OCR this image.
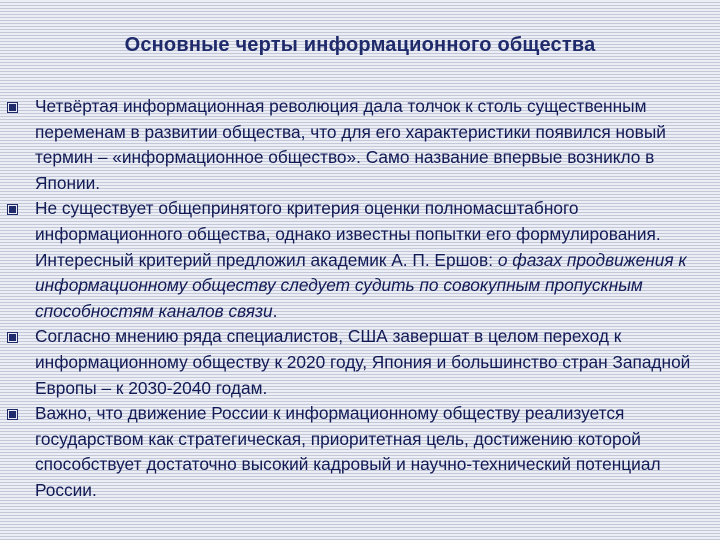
Основные черты информационного общества
Четвёртая информационная революция дала толчок к столь существенным переменам в развитии общества, что для его характеристики появился новый термин – «информационное общество». Само название впервые возникло в Японии.
Не существует общепринятого критерия оценки полномасштабного информационного общества, однако известны попытки его формулирования. Интересный критерий предложил академик А. П. Ершов: о фазах продвижения к информационному обществу следует судить по совокупным пропускным способностям каналов связи.
Согласно мнению ряда специалистов, США завершат в целом переход к информационному обществу к 2020 году, Япония и большинство стран Западной Европы – к 2030-2040 годам.
Важно, что движение России к информационному обществу реализуется государством как стратегическая, приоритетная цель, достижению которой способствует достаточно высокий кадровый и научно-технический потенциал России.
